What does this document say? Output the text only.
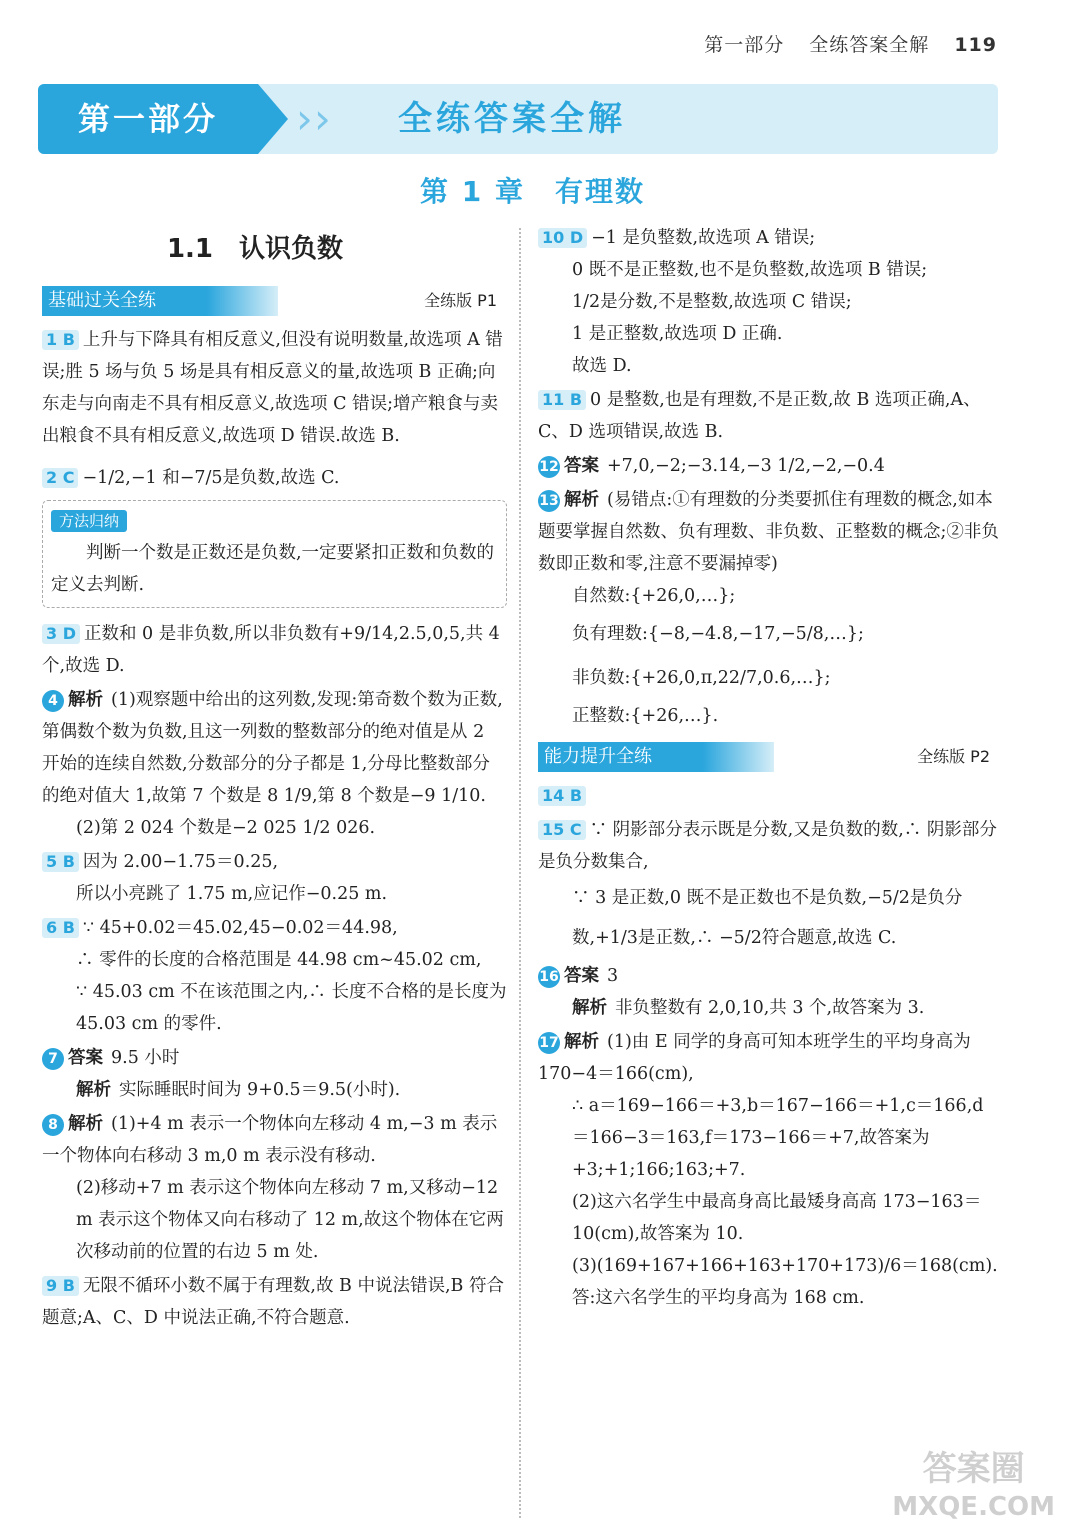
第一部分 全练答案全解 119
第一部分	› › 全练答案全解
第 1 章　有理数
1.1　认识负数
基础过关全练	全练版 P1
1 B 上升与下降具有相反意义,但没有说明数量,故选项 A 错误;胜 5 场与负 5 场是具有相反意义的量,故选项 B 正确;向东走与向南走不具有相反意义,故选项 C 错误;增产粮食与卖出粮食不具有相反意义,故选项 D 错误.故选 B.
2 C −1/2,−1 和−7/5是负数,故选 C.
方法归纳
判断一个数是正数还是负数,一定要紧扣正数和负数的定义去判断.
3 D 正数和 0 是非负数,所以非负数有+9/14,2.5,0,5,共 4 个,故选 D.
4 解析 (1)观察题中给出的这列数,发现:第奇数个数为正数,第偶数个数为负数,且这一列数的整数部分的绝对值是从 2 开始的连续自然数,分数部分的分子都是 1,分母比整数部分的绝对值大 1,故第 7 个数是 8 1/9,第 8 个数是−9 1/10.
(2)第 2 024 个数是−2 025 1/2 026.
5 B 因为 2.00−1.75＝0.25,
所以小亮跳了 1.75 m,应记作−0.25 m.
6 B ∵ 45+0.02＝45.02,45−0.02＝44.98,
∴ 零件的长度的合格范围是 44.98 cm~45.02 cm,
∵ 45.03 cm 不在该范围之内,∴ 长度不合格的是长度为 45.03 cm 的零件.
7 答案 9.5 小时
解析 实际睡眠时间为 9+0.5＝9.5(小时).
8 解析 (1)+4 m 表示一个物体向左移动 4 m,−3 m 表示一个物体向右移动 3 m,0 m 表示没有移动.
(2)移动+7 m 表示这个物体向左移动 7 m,又移动−12 m 表示这个物体又向右移动了 12 m,故这个物体在它两次移动前的位置的右边 5 m 处.
9 B 无限不循环小数不属于有理数,故 B 中说法错误,B 符合题意;A、C、D 中说法正确,不符合题意.
10 D −1 是负整数,故选项 A 错误;
0 既不是正整数,也不是负整数,故选项 B 错误;
1/2是分数,不是整数,故选项 C 错误;
1 是正整数,故选项 D 正确.
故选 D.
11 B 0 是整数,也是有理数,不是正数,故 B 选项正确,A、C、D 选项错误,故选 B.
12 答案 +7,0,−2;−3.14,−3 1/2,−2,−0.4
13 解析 (易错点:①有理数的分类要抓住有理数的概念,如本题要掌握自然数、负有理数、非负数、正整数的概念;②非负数即正数和零,注意不要漏掉零)
自然数:{+26,0,…};
负有理数:{−8,−4.8,−17,−5/8,…};
非负数:{+26,0,π,22/7,0.6,…};
正整数:{+26,…}.
能力提升全练	全练版 P2
14 B
15 C ∵ 阴影部分表示既是分数,又是负数的数,∴ 阴影部分是负分数集合,
∵ 3 是正数,0 既不是正数也不是负数,−5/2是负分数,+1/3是正数,∴ −5/2符合题意,故选 C.
16 答案 3
解析 非负整数有 2,0,10,共 3 个,故答案为 3.
17 解析 (1)由 E 同学的身高可知本班学生的平均身高为 170−4＝166(cm),
∴ a＝169−166＝+3,b＝167−166＝+1,c＝166,d＝166−3＝163,f＝173−166＝+7,故答案为+3;+1;166;163;+7.
(2)这六名学生中最高身高比最矮身高高 173−163＝10(cm),故答案为 10.
(3)(169+167+166+163+170+173)/6＝168(cm).
答:这六名学生的平均身高为 168 cm.
答案圈
MXQE.COM
